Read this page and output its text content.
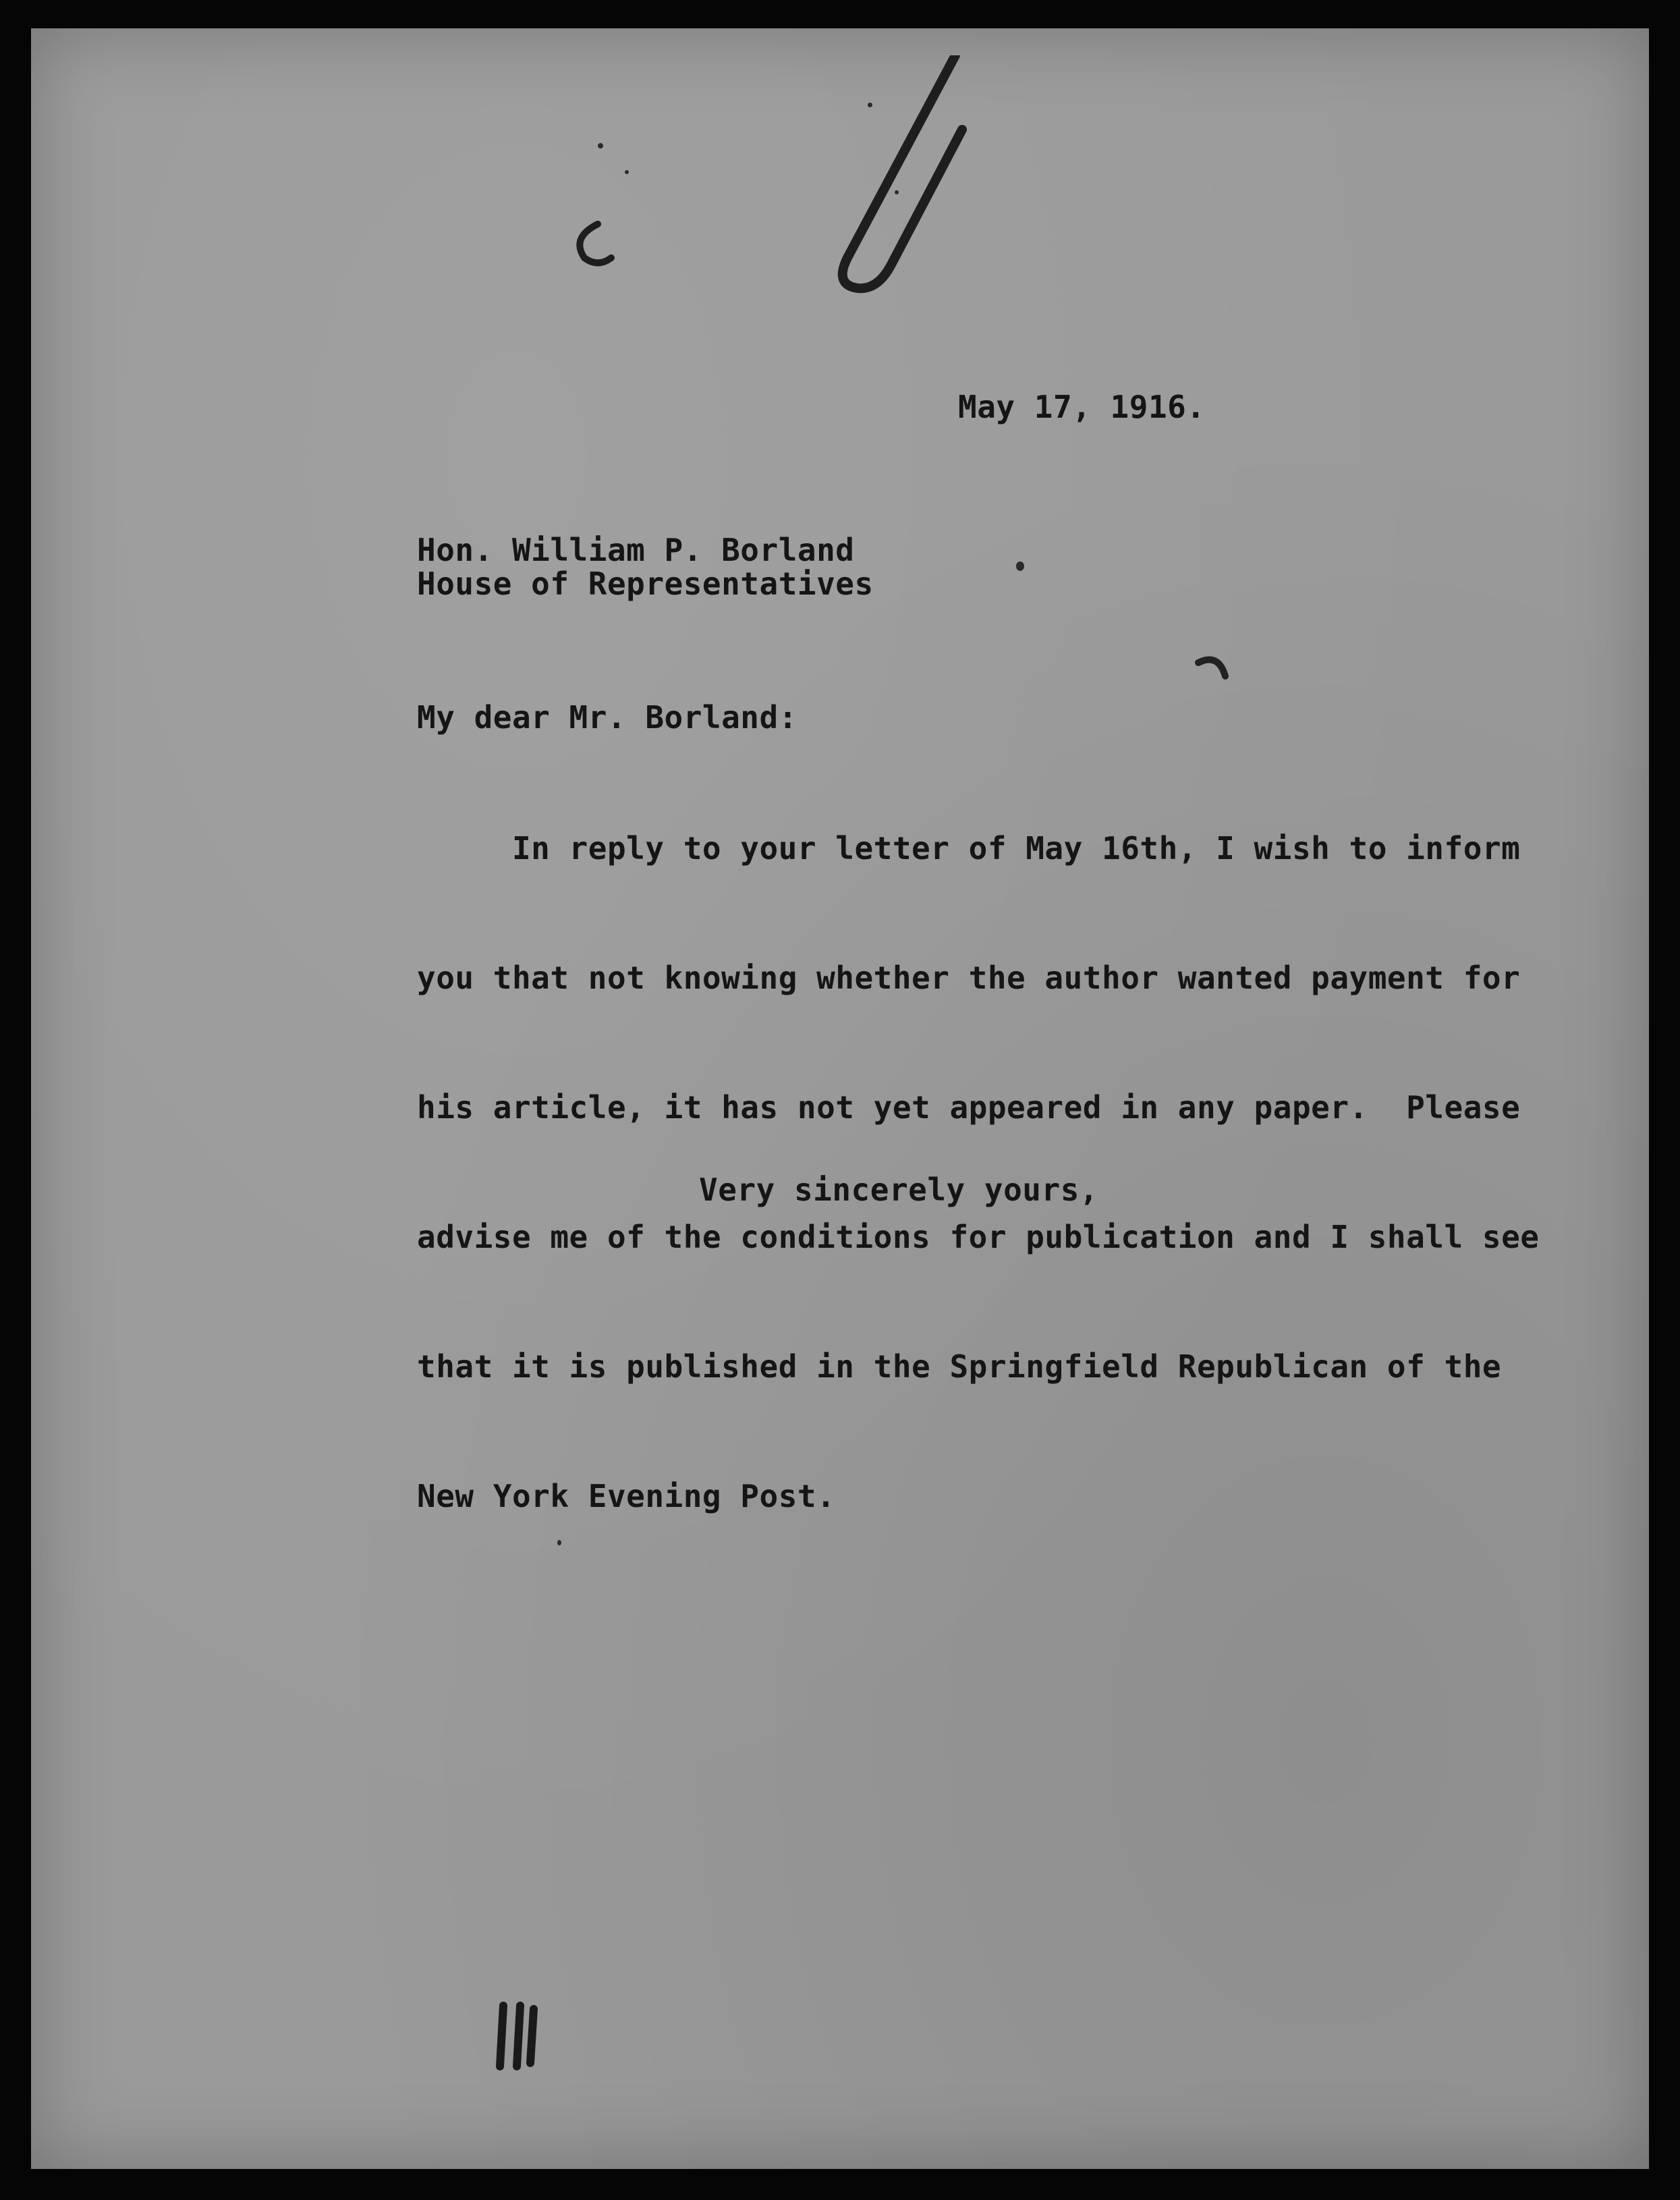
May 17, 1916.
Hon. William P. Borland
House of Representatives
My dear Mr. Borland:

In reply to your letter of May 16th, I wish to inform

you that not knowing whether the author wanted payment for

his article, it has not yet appeared in any paper.  Please

advise me of the conditions for publication and I shall see

that it is published in the Springfield Republican of the

New York Evening Post.

Very sincerely yours,
